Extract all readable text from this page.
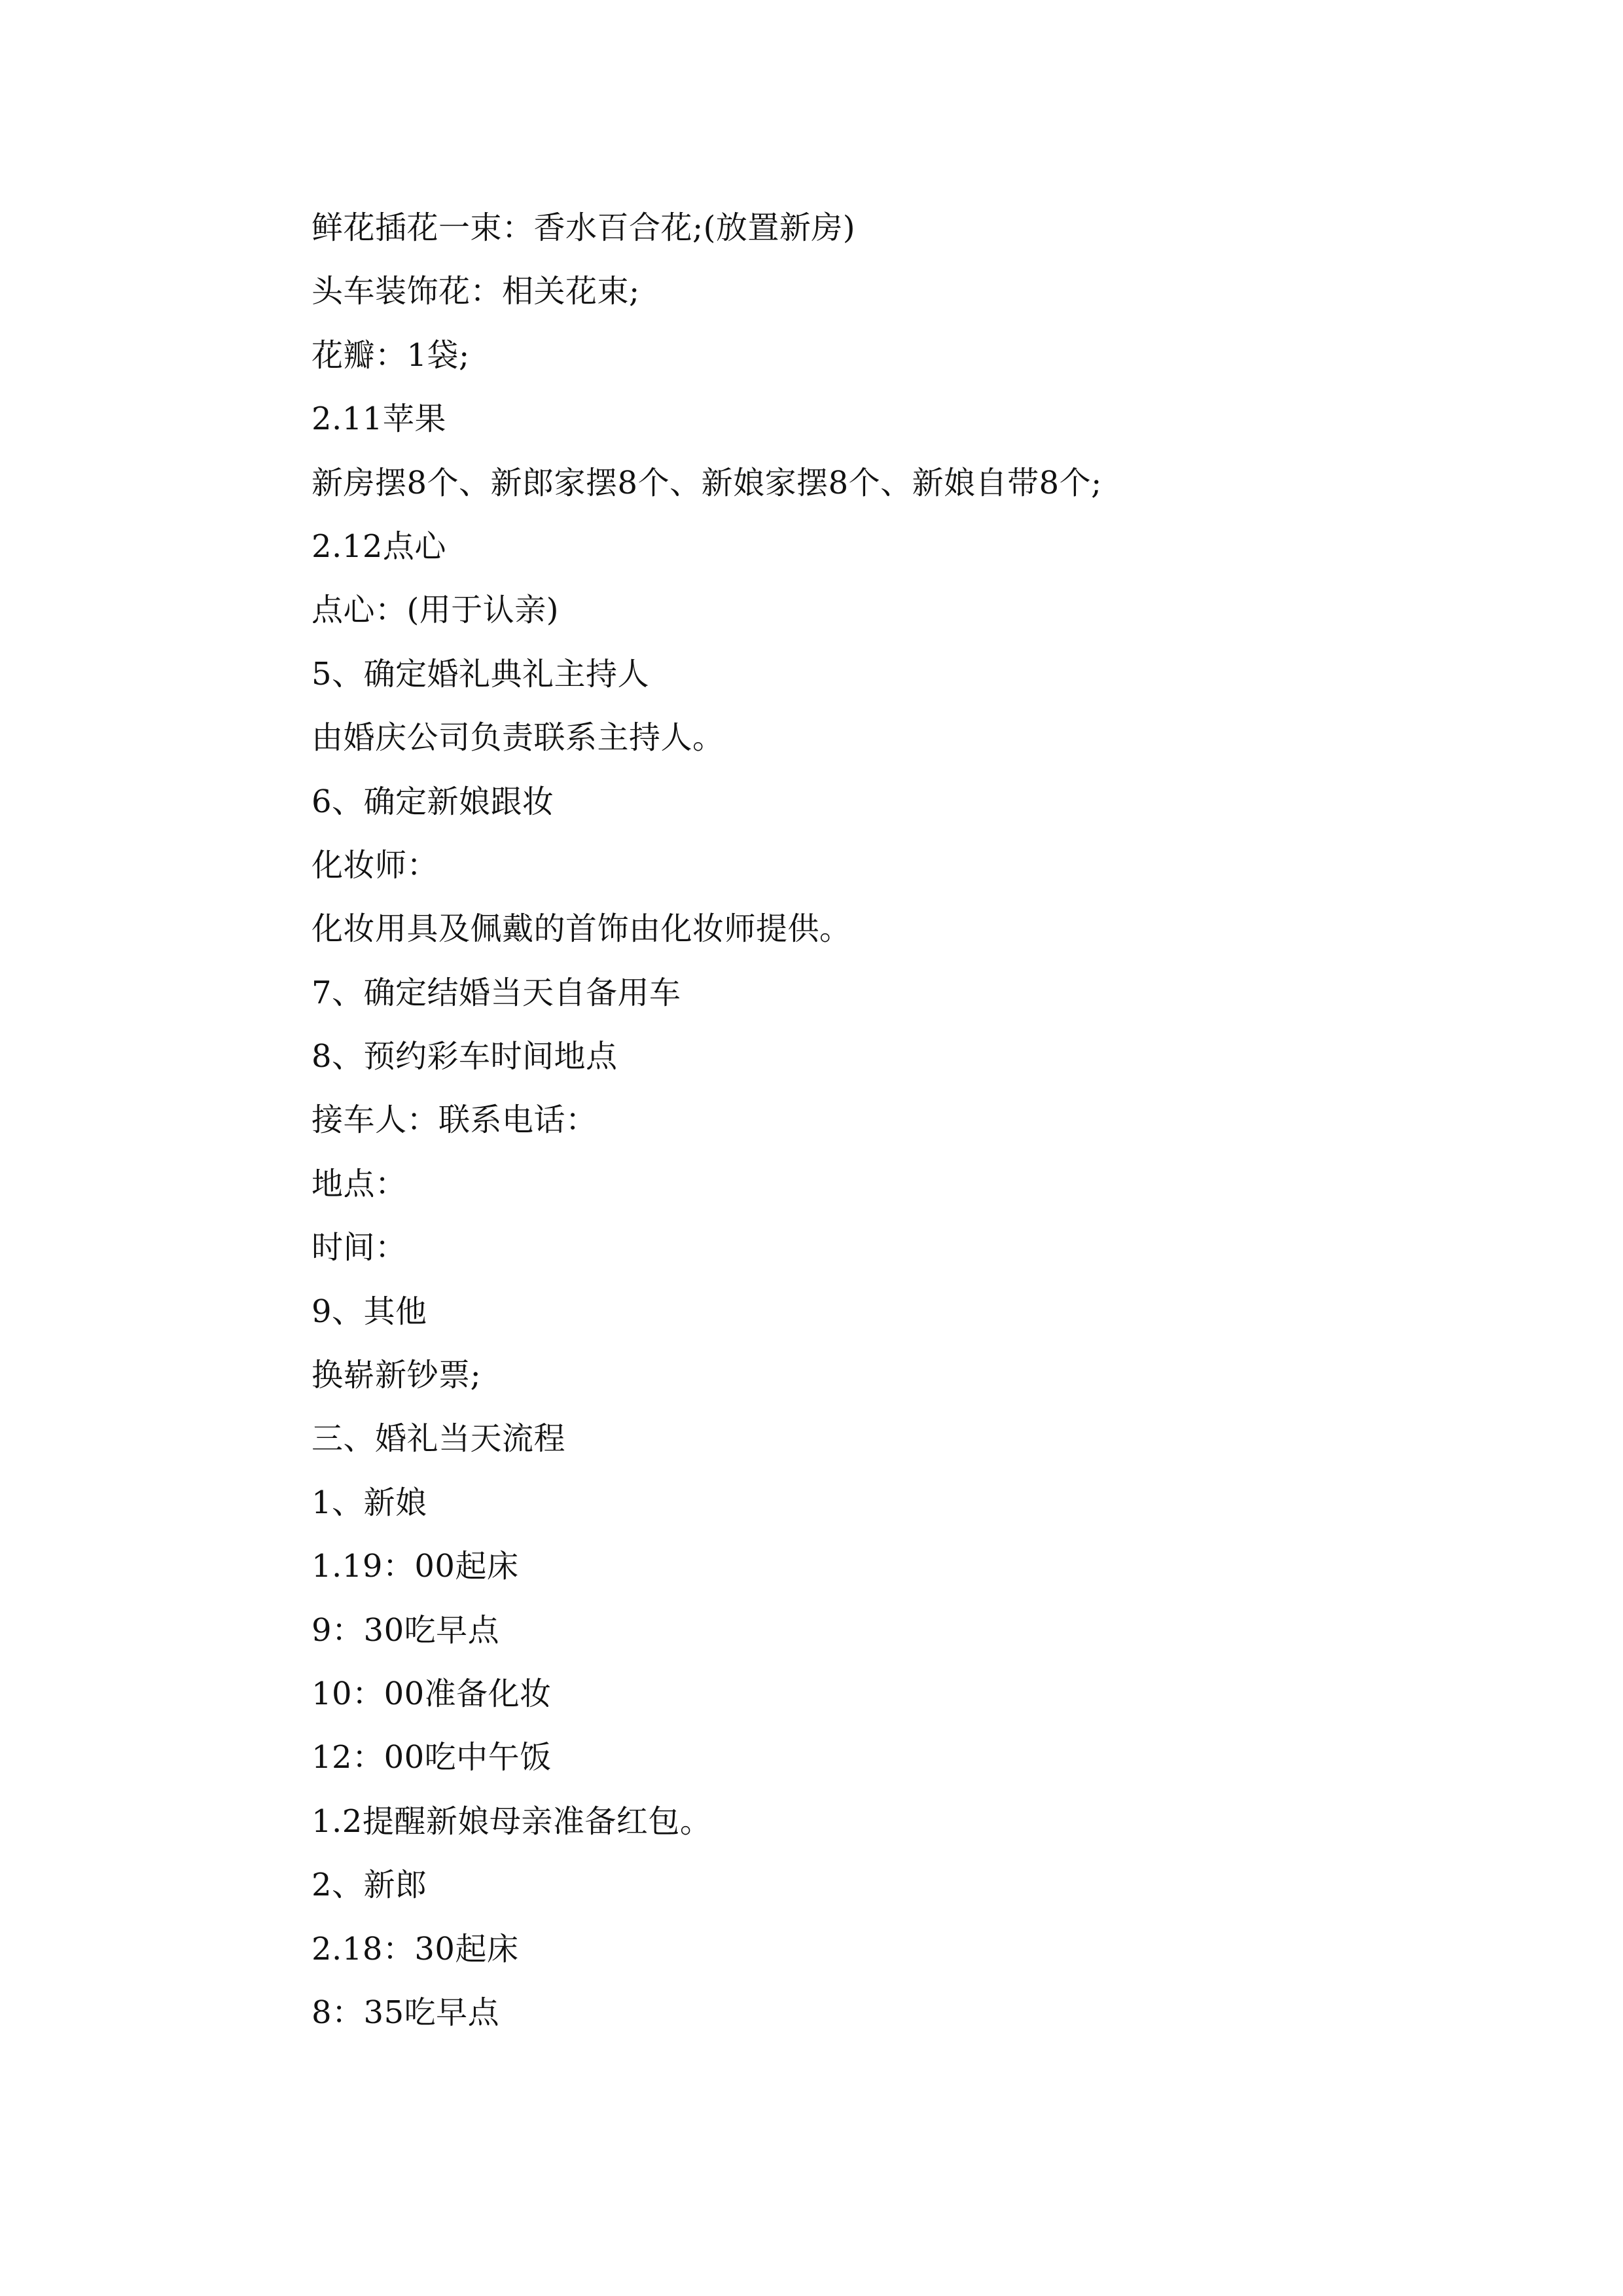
鲜花插花一束：香水百合花;(放置新房)
头车装饰花：相关花束;
花瓣：1袋;
2.11苹果
新房摆8个、新郎家摆8个、新娘家摆8个、新娘自带8个;
2.12点心
点心：(用于认亲)
5、确定婚礼典礼主持人
由婚庆公司负责联系主持人。
6、确定新娘跟妆
化妆师：
化妆用具及佩戴的首饰由化妆师提供。
7、确定结婚当天自备用车
8、预约彩车时间地点
接车人：联系电话：
地点：
时间：
9、其他
换崭新钞票;
三、婚礼当天流程
1、新娘
1.19：00起床
9：30吃早点
10：00准备化妆
12：00吃中午饭
1.2提醒新娘母亲准备红包。
2、新郎
2.18：30起床
8：35吃早点
